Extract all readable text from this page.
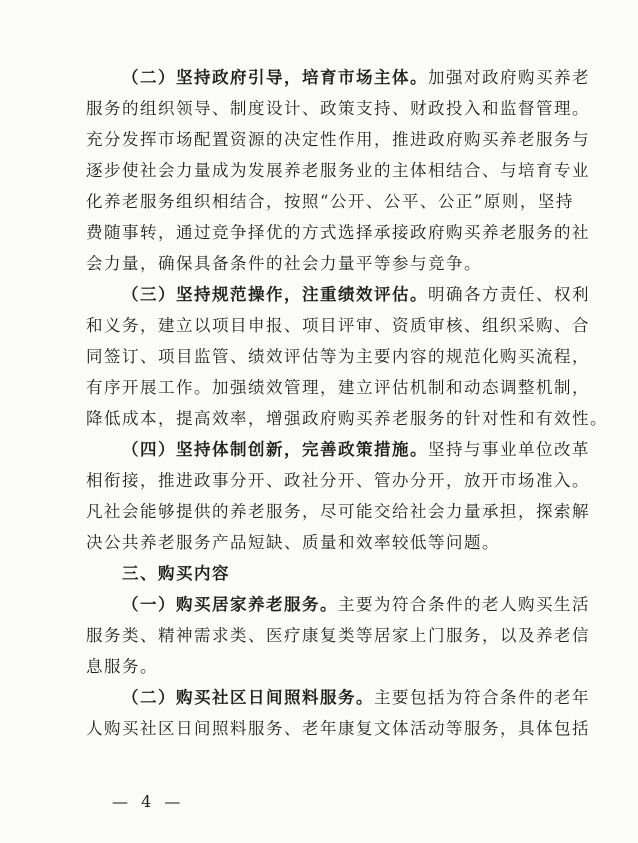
（二）坚持政府引导，培育市场主体。加强对政府购买养老
服务的组织领导、制度设计、政策支持、财政投入和监督管理。
充分发挥市场配置资源的决定性作用，推进政府购买养老服务与
逐步使社会力量成为发展养老服务业的主体相结合、与培育专业
化养老服务组织相结合，按照“公开、公平、公正”原则，坚持
费随事转，通过竞争择优的方式选择承接政府购买养老服务的社
会力量，确保具备条件的社会力量平等参与竞争。
（三）坚持规范操作，注重绩效评估。明确各方责任、权利
和义务，建立以项目申报、项目评审、资质审核、组织采购、合
同签订、项目监管、绩效评估等为主要内容的规范化购买流程，
有序开展工作。加强绩效管理，建立评估机制和动态调整机制，
降低成本，提高效率，增强政府购买养老服务的针对性和有效性。
（四）坚持体制创新，完善政策措施。坚持与事业单位改革
相衔接，推进政事分开、政社分开、管办分开，放开市场准入。
凡社会能够提供的养老服务，尽可能交给社会力量承担，探索解
决公共养老服务产品短缺、质量和效率较低等问题。
三、购买内容
（一）购买居家养老服务。主要为符合条件的老人购买生活
服务类、精神需求类、医疗康复类等居家上门服务，以及养老信
息服务。
（二）购买社区日间照料服务。主要包括为符合条件的老年
人购买社区日间照料服务、老年康复文体活动等服务，具体包括
— 4 —
